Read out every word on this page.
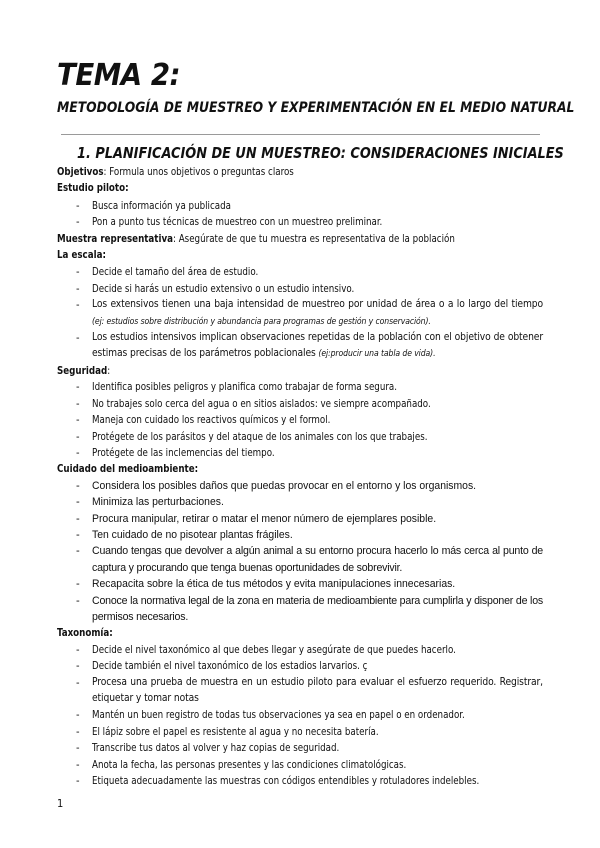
TEMA 2:
METODOLOGÍA DE MUESTREO Y EXPERIMENTACIÓN EN EL MEDIO NATURAL
1. PLANIFICACIÓN DE UN MUESTREO: CONSIDERACIONES INICIALES
Objetivos: Formula unos objetivos o preguntas claros
Estudio piloto:
- Busca información ya publicada
- Pon a punto tus técnicas de muestreo con un muestreo preliminar.
Muestra representativa: Asegúrate de que tu muestra es representativa de la población
La escala:
- Decide el tamaño del área de estudio.
- Decide si harás un estudio extensivo o un estudio intensivo.
- Los extensivos tienen una baja intensidad de muestreo por unidad de área o a lo largo del tiempo (ej: estudios sobre distribución y abundancia para programas de gestión y conservación).
- Los estudios intensivos implican observaciones repetidas de la población con el objetivo de obtener estimas precisas de los parámetros poblacionales (ej:producir una tabla de vida).
Seguridad:
- Identifica posibles peligros y planifica como trabajar de forma segura.
- No trabajes solo cerca del agua o en sitios aislados: ve siempre acompañado.
- Maneja con cuidado los reactivos químicos y el formol.
- Protégete de los parásitos y del ataque de los animales con los que trabajes.
- Protégete de las inclemencias del tiempo.
Cuidado del medioambiente:
- Considera los posibles daños que puedas provocar en el entorno y los organismos.
- Minimiza las perturbaciones.
- Procura manipular, retirar o matar el menor número de ejemplares posible.
- Ten cuidado de no pisotear plantas frágiles.
- Cuando tengas que devolver a algún animal a su entorno procura hacerlo lo más cerca al punto de captura y procurando que tenga buenas oportunidades de sobrevivir.
- Recapacita sobre la ética de tus métodos y evita manipulaciones innecesarias.
- Conoce la normativa legal de la zona en materia de medioambiente para cumplirla y disponer de los permisos necesarios.
Taxonomía:
- Decide el nivel taxonómico al que debes llegar y asegúrate de que puedes hacerlo.
- Decide también el nivel taxonómico de los estadios larvarios. ç
- Procesa una prueba de muestra en un estudio piloto para evaluar el esfuerzo requerido. Registrar, etiquetar y tomar notas
- Mantén un buen registro de todas tus observaciones ya sea en papel o en ordenador.
- El lápiz sobre el papel es resistente al agua y no necesita batería.
- Transcribe tus datos al volver y haz copias de seguridad.
- Anota la fecha, las personas presentes y las condiciones climatológicas.
- Etiqueta adecuadamente las muestras con códigos entendibles y rotuladores indelebles.
1
